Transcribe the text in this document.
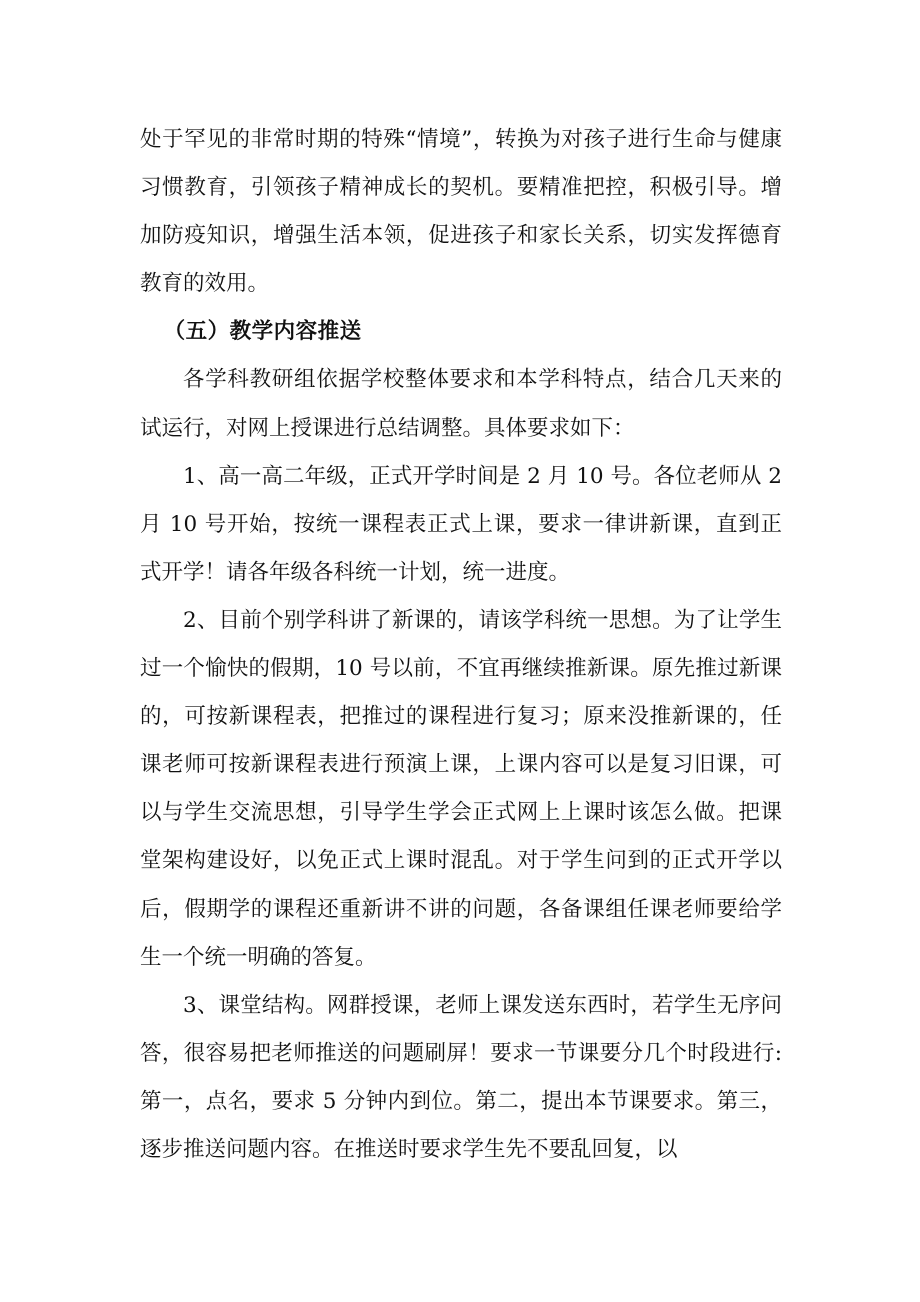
处于罕见的非常时期的特殊“情境”，转换为对孩子进行生命与健康习惯教育，引领孩子精神成长的契机。要精准把控，积极引导。增加防疫知识，增强生活本领，促进孩子和家长关系，切实发挥德育教育的效用。

（五）教学内容推送

各学科教研组依据学校整体要求和本学科特点，结合几天来的试运行，对网上授课进行总结调整。具体要求如下：

1、高一高二年级，正式开学时间是 2 月 10 号。各位老师从 2 月 10 号开始，按统一课程表正式上课，要求一律讲新课，直到正式开学！请各年级各科统一计划，统一进度。

2、目前个别学科讲了新课的，请该学科统一思想。为了让学生过一个愉快的假期，10 号以前，不宜再继续推新课。原先推过新课的，可按新课程表，把推过的课程进行复习；原来没推新课的，任课老师可按新课程表进行预演上课，上课内容可以是复习旧课，可以与学生交流思想，引导学生学会正式网上上课时该怎么做。把课堂架构建设好，以免正式上课时混乱。对于学生问到的正式开学以后，假期学的课程还重新讲不讲的问题，各备课组任课老师要给学生一个统一明确的答复。

3、课堂结构。网群授课，老师上课发送东西时，若学生无序问答，很容易把老师推送的问题刷屏！要求一节课要分几个时段进行: 第一，点名，要求 5 分钟内到位。第二，提出本节课要求。第三，逐步推送问题内容。在推送时要求学生先不要乱回复，以
